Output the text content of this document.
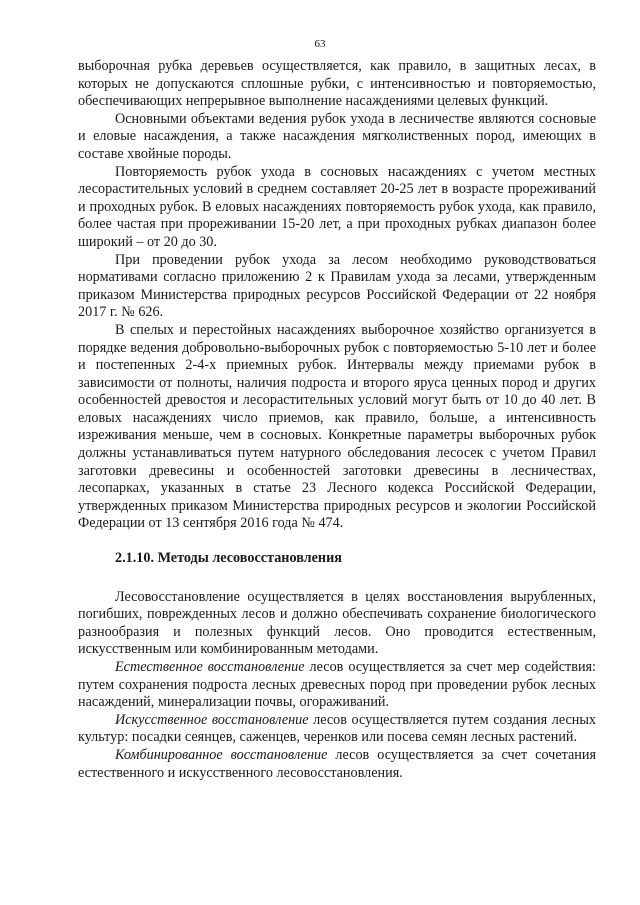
63

выборочная рубка деревьев осуществляется, как правило, в защитных лесах, в которых не допускаются сплошные рубки, с интенсивностью и повторяемостью, обеспечивающих непрерывное выполнение насаждениями целевых функций.

Основными объектами ведения рубок ухода в лесничестве являются сосновые и еловые насаждения, а также насаждения мягколиственных пород, имеющих в составе хвойные породы.

Повторяемость рубок ухода в сосновых насаждениях с учетом местных лесорастительных условий в среднем составляет 20-25 лет в возрасте прореживаний и проходных рубок. В еловых насаждениях повторяемость рубок ухода, как правило, более частая при прореживании 15-20 лет, а при проходных рубках диапазон более широкий – от 20 до 30.

При проведении рубок ухода за лесом необходимо руководствоваться нормативами согласно приложению 2 к Правилам ухода за лесами, утвержденным приказом Министерства природных ресурсов Российской Федерации от 22 ноября 2017 г. № 626.

В спелых и перестойных насаждениях выборочное хозяйство организуется в порядке ведения добровольно-выборочных рубок с повторяемостью 5-10 лет и более и постепенных 2-4-х приемных рубок. Интервалы между приемами рубок в зависимости от полноты, наличия подроста и второго яруса ценных пород и других особенностей древостоя и лесорастительных условий могут быть от 10 до 40 лет. В еловых насаждениях число приемов, как правило, больше, а интенсивность изреживания меньше, чем в сосновых. Конкретные параметры выборочных рубок должны устанавливаться путем натурного обследования лесосек с учетом Правил заготовки древесины и особенностей заготовки древесины в лесничествах, лесопарках, указанных в статье 23 Лесного кодекса Российской Федерации, утвержденных приказом Министерства природных ресурсов и экологии Российской Федерации от 13 сентября 2016 года № 474.

2.1.10. Методы лесовосстановления

Лесовосстановление осуществляется в целях восстановления вырубленных, погибших, поврежденных лесов и должно обеспечивать сохранение биологического разнообразия и полезных функций лесов. Оно проводится естественным, искусственным или комбинированным методами.

Естественное восстановление лесов осуществляется за счет мер содействия: путем сохранения подроста лесных древесных пород при проведении рубок лесных насаждений, минерализации почвы, огораживаний.

Искусственное восстановление лесов осуществляется путем создания лесных культур: посадки сеянцев, саженцев, черенков или посева семян лесных растений.

Комбинированное восстановление лесов осуществляется за счет сочетания естественного и искусственного лесовосстановления.
